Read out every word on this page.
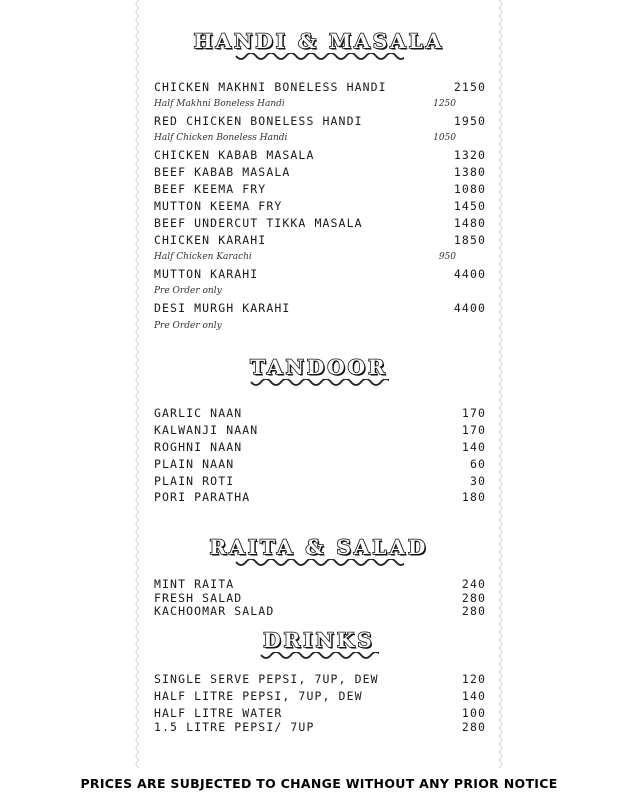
HANDI & MASALA
CHICKEN MAKHNI BONELESS HANDI	2150
Half Makhni Boneless Handi	1250
RED CHICKEN BONELESS HANDI	1950
Half Chicken Boneless Handi	1050
CHICKEN KABAB MASALA	1320
BEEF KABAB MASALA	1380
BEEF KEEMA FRY	1080
MUTTON KEEMA FRY	1450
BEEF UNDERCUT TIKKA MASALA	1480
CHICKEN KARAHI	1850
Half Chicken Karachi	950
MUTTON KARAHI	4400
Pre Order only
DESI MURGH KARAHI	4400
Pre Order only
TANDOOR
GARLIC NAAN	170
KALWANJI NAAN	170
ROGHNI NAAN	140
PLAIN NAAN	60
PLAIN ROTI	30
PORI PARATHA	180
RAITA & SALAD
MINT RAITA	240
FRESH SALAD	280
KACHOOMAR SALAD	280
DRINKS
SINGLE SERVE PEPSI, 7UP, DEW	120
HALF LITRE PEPSI, 7UP, DEW	140
HALF LITRE WATER	100
1.5 LITRE PEPSI/ 7UP	280
PRICES ARE SUBJECTED TO CHANGE WITHOUT ANY PRIOR NOTICE
